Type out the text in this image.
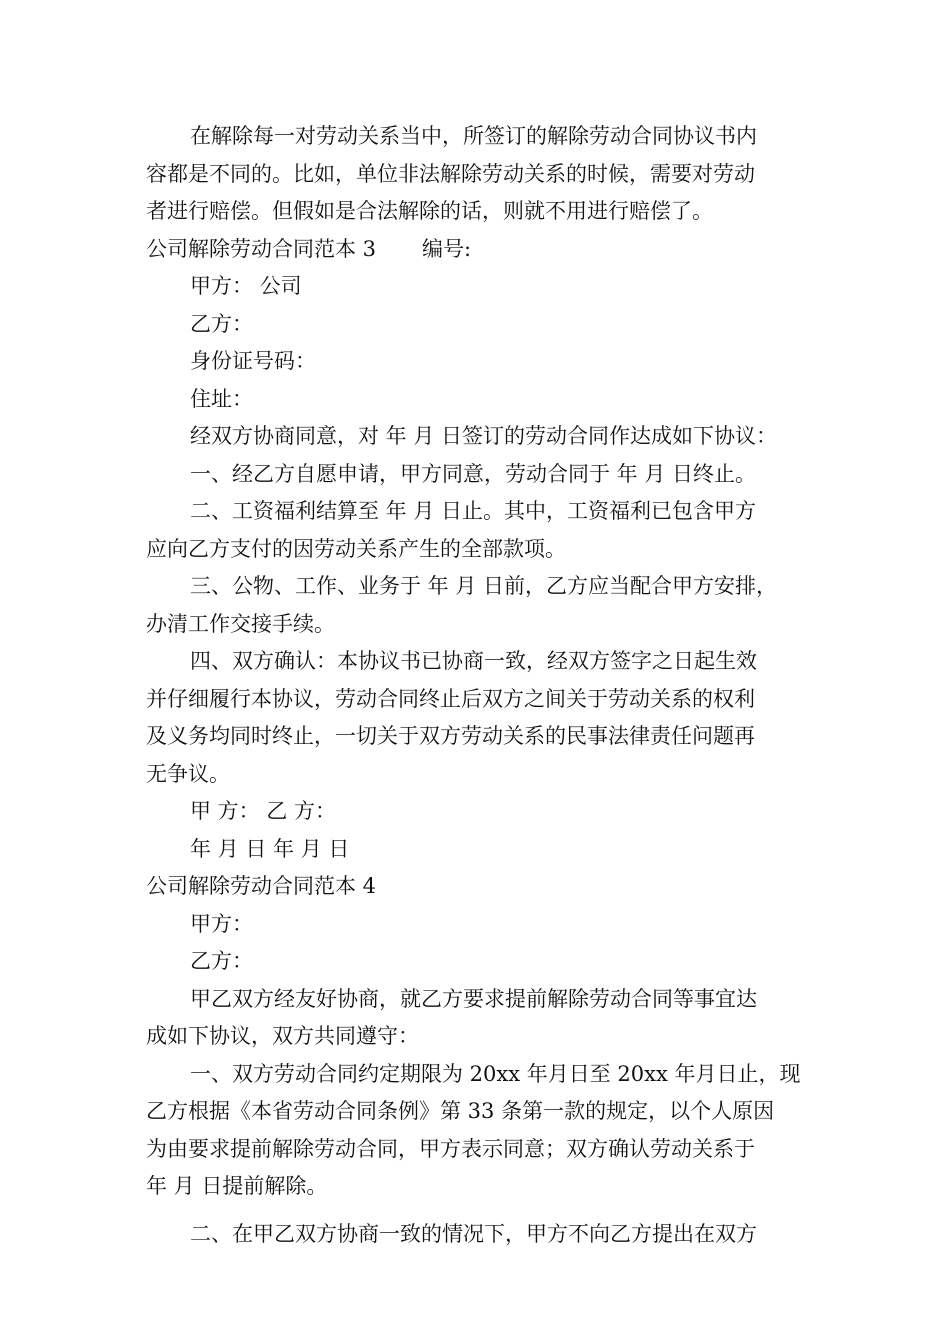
在解除每一对劳动关系当中，所签订的解除劳动合同协议书内
容都是不同的。比如，单位非法解除劳动关系的时候，需要对劳动
者进行赔偿。但假如是合法解除的话，则就不用进行赔偿了。

公司解除劳动合同范本 3 编号:

甲方： 公司

乙方：

身份证号码：

住址：

经双方协商同意，对 年 月 日签订的劳动合同作达成如下协议：

一、经乙方自愿申请，甲方同意，劳动合同于 年 月 日终止。

二、工资福利结算至 年 月 日止。其中，工资福利已包含甲方
应向乙方支付的因劳动关系产生的全部款项。

三、公物、工作、业务于 年 月 日前，乙方应当配合甲方安排，
办清工作交接手续。

四、双方确认：本协议书已协商一致，经双方签字之日起生效
并仔细履行本协议，劳动合同终止后双方之间关于劳动关系的权利
及义务均同时终止，一切关于双方劳动关系的民事法律责任问题再
无争议。

甲 方： 乙 方：

年 月 日 年 月 日

公司解除劳动合同范本 4

甲方：

乙方：

甲乙双方经友好协商，就乙方要求提前解除劳动合同等事宜达
成如下协议，双方共同遵守：

一、双方劳动合同约定期限为 20xx 年月日至 20xx 年月日止，现
乙方根据《本省劳动合同条例》第 33 条第一款的规定，以个人原因
为由要求提前解除劳动合同，甲方表示同意；双方确认劳动关系于
年 月 日提前解除。

二、在甲乙双方协商一致的情况下，甲方不向乙方提出在双方
